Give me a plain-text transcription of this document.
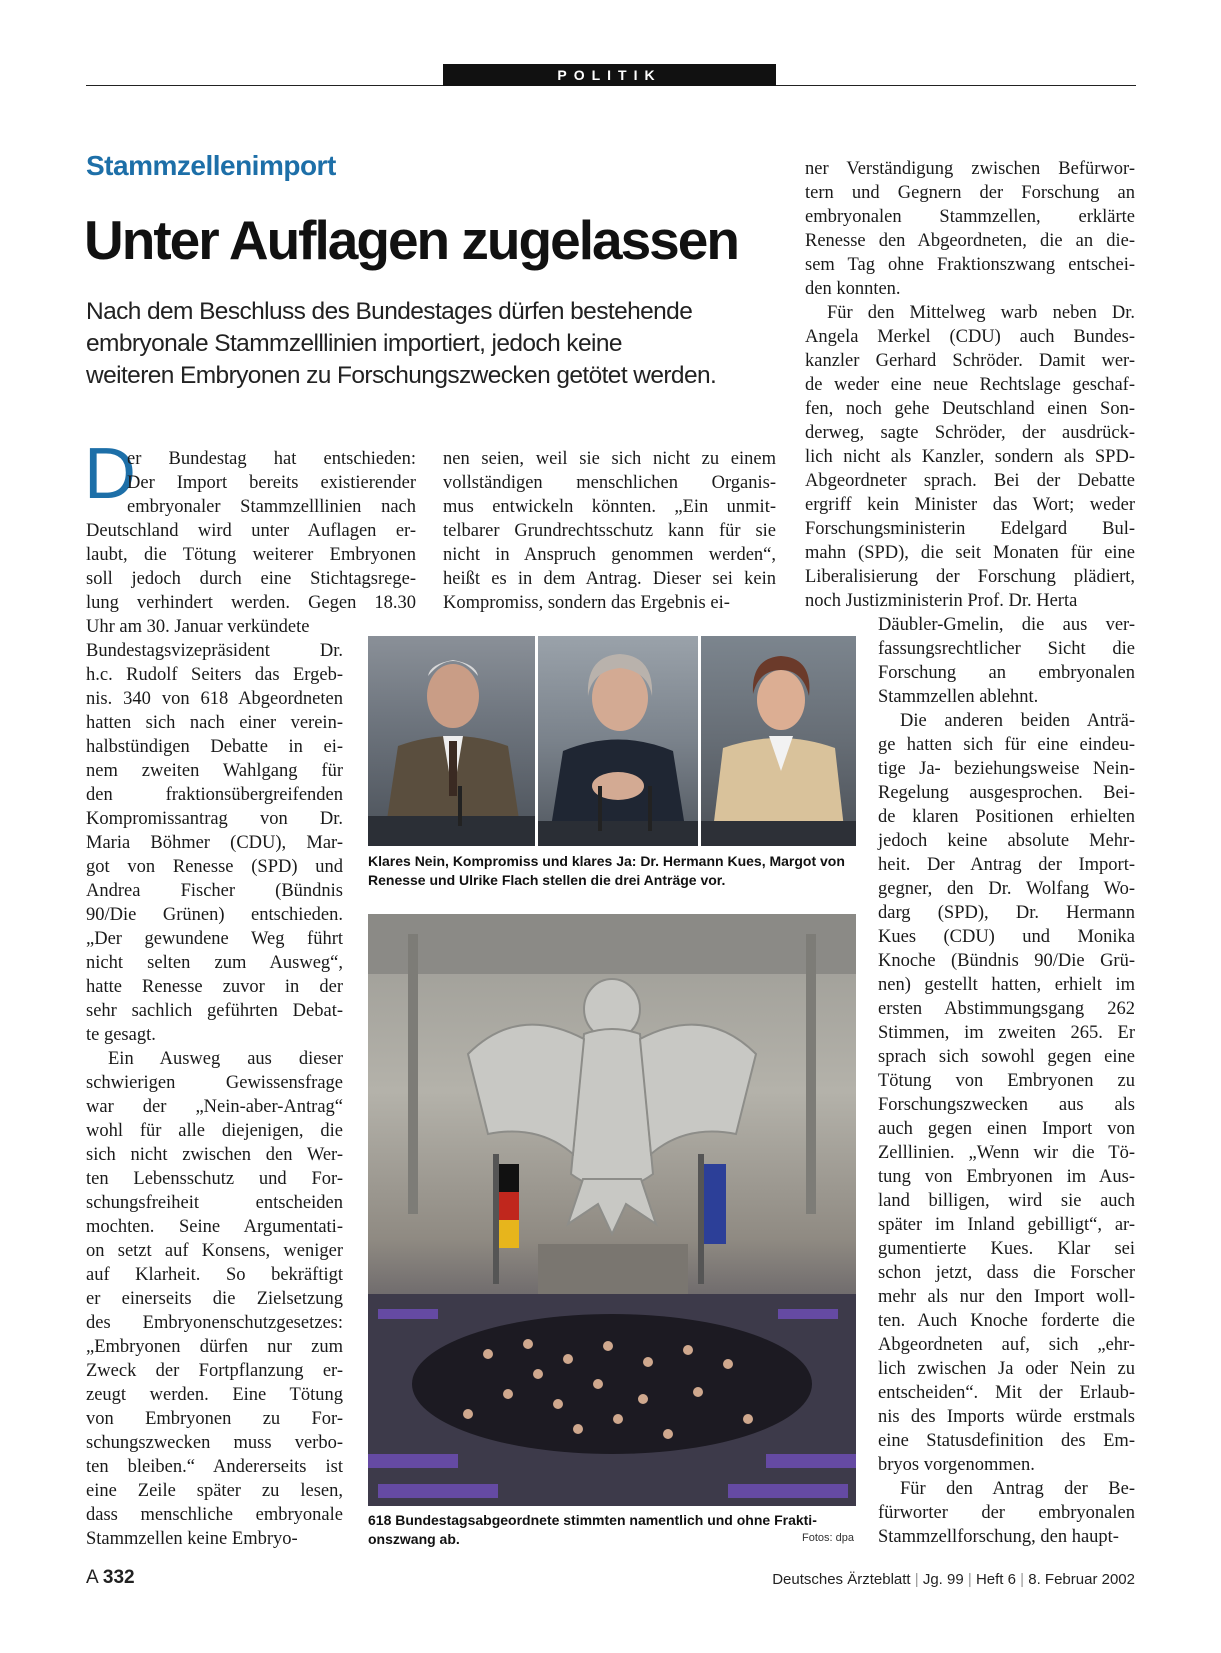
POLITIK
Stammzellenimport
Unter Auflagen zugelassen
Nach dem Beschluss des Bundestages dürfen bestehende
embryonale Stammzelllinien importiert, jedoch keine
weiteren Embryonen zu Forschungszwecken getötet werden.
D
er Bundestag hat entschieden:
Der Import bereits existierender
embryonaler Stammzelllinien nach
Deutschland wird unter Auflagen er-
laubt, die Tötung weiterer Embryonen
soll jedoch durch eine Stichtagsrege-
lung verhindert werden. Gegen 18.30
Uhr am 30. Januar verkündete
Bundestagsvizepräsident Dr.
h.c. Rudolf Seiters das Ergeb-
nis. 340 von 618 Abgeordneten
hatten sich nach einer verein-
halbstündigen Debatte in ei-
nem zweiten Wahlgang für
den fraktionsübergreifenden
Kompromissantrag von Dr.
Maria Böhmer (CDU), Mar-
got von Renesse (SPD) und
Andrea Fischer (Bündnis
90/Die Grünen) entschieden.
„Der gewundene Weg führt
nicht selten zum Ausweg“,
hatte Renesse zuvor in der
sehr sachlich geführten Debat-
te gesagt.
Ein Ausweg aus dieser
schwierigen Gewissensfrage
war der „Nein-aber-Antrag“
wohl für alle diejenigen, die
sich nicht zwischen den Wer-
ten Lebensschutz und For-
schungsfreiheit entscheiden
mochten. Seine Argumentati-
on setzt auf Konsens, weniger
auf Klarheit. So bekräftigt
er einerseits die Zielsetzung
des Embryonenschutzgesetzes:
„Embryonen dürfen nur zum
Zweck der Fortpflanzung er-
zeugt werden. Eine Tötung
von Embryonen zu For-
schungszwecken muss verbo-
ten bleiben.“ Andererseits ist
eine Zeile später zu lesen,
dass menschliche embryonale
Stammzellen keine Embryo-
nen seien, weil sie sich nicht zu einem
vollständigen menschlichen Organis-
mus entwickeln könnten. „Ein unmit-
telbarer Grundrechtsschutz kann für sie
nicht in Anspruch genommen werden“,
heißt es in dem Antrag. Dieser sei kein
Kompromiss, sondern das Ergebnis ei-
ner Verständigung zwischen Befürwor-
tern und Gegnern der Forschung an
embryonalen Stammzellen, erklärte
Renesse den Abgeordneten, die an die-
sem Tag ohne Fraktionszwang entschei-
den konnten.
Für den Mittelweg warb neben Dr.
Angela Merkel (CDU) auch Bundes-
kanzler Gerhard Schröder. Damit wer-
de weder eine neue Rechtslage geschaf-
fen, noch gehe Deutschland einen Son-
derweg, sagte Schröder, der ausdrück-
lich nicht als Kanzler, sondern als SPD-
Abgeordneter sprach. Bei der Debatte
ergriff kein Minister das Wort; weder
Forschungsministerin Edelgard Bul-
mahn (SPD), die seit Monaten für eine
Liberalisierung der Forschung plädiert,
noch Justizministerin Prof. Dr. Herta
Däubler-Gmelin, die aus ver-
fassungsrechtlicher Sicht die
Forschung an embryonalen
Stammzellen ablehnt.
Die anderen beiden Anträ-
ge hatten sich für eine eindeu-
tige Ja- beziehungsweise Nein-
Regelung ausgesprochen. Bei-
de klaren Positionen erhielten
jedoch keine absolute Mehr-
heit. Der Antrag der Import-
gegner, den Dr. Wolfang Wo-
darg (SPD), Dr. Hermann
Kues (CDU) und Monika
Knoche (Bündnis 90/Die Grü-
nen) gestellt hatten, erhielt im
ersten Abstimmungsgang 262
Stimmen, im zweiten 265. Er
sprach sich sowohl gegen eine
Tötung von Embryonen zu
Forschungszwecken aus als
auch gegen einen Import von
Zelllinien. „Wenn wir die Tö-
tung von Embryonen im Aus-
land billigen, wird sie auch
später im Inland gebilligt“, ar-
gumentierte Kues. Klar sei
schon jetzt, dass die Forscher
mehr als nur den Import woll-
ten. Auch Knoche forderte die
Abgeordneten auf, sich „ehr-
lich zwischen Ja oder Nein zu
entscheiden“. Mit der Erlaub-
nis des Imports würde erstmals
eine Statusdefinition des Em-
bryos vorgenommen.
Für den Antrag der Be-
fürworter der embryonalen
Stammzellforschung, den haupt-
Klares Nein, Kompromiss und klares Ja: Dr. Hermann Kues, Margot von
Renesse und Ulrike Flach stellen die drei Anträge vor.
618 Bundestagsabgeordnete stimmten namentlich und ohne Frakti-
onszwang ab.	Fotos: dpa
A 332	Deutsches Ärzteblatt | Jg. 99 | Heft 6 | 8. Februar 2002
